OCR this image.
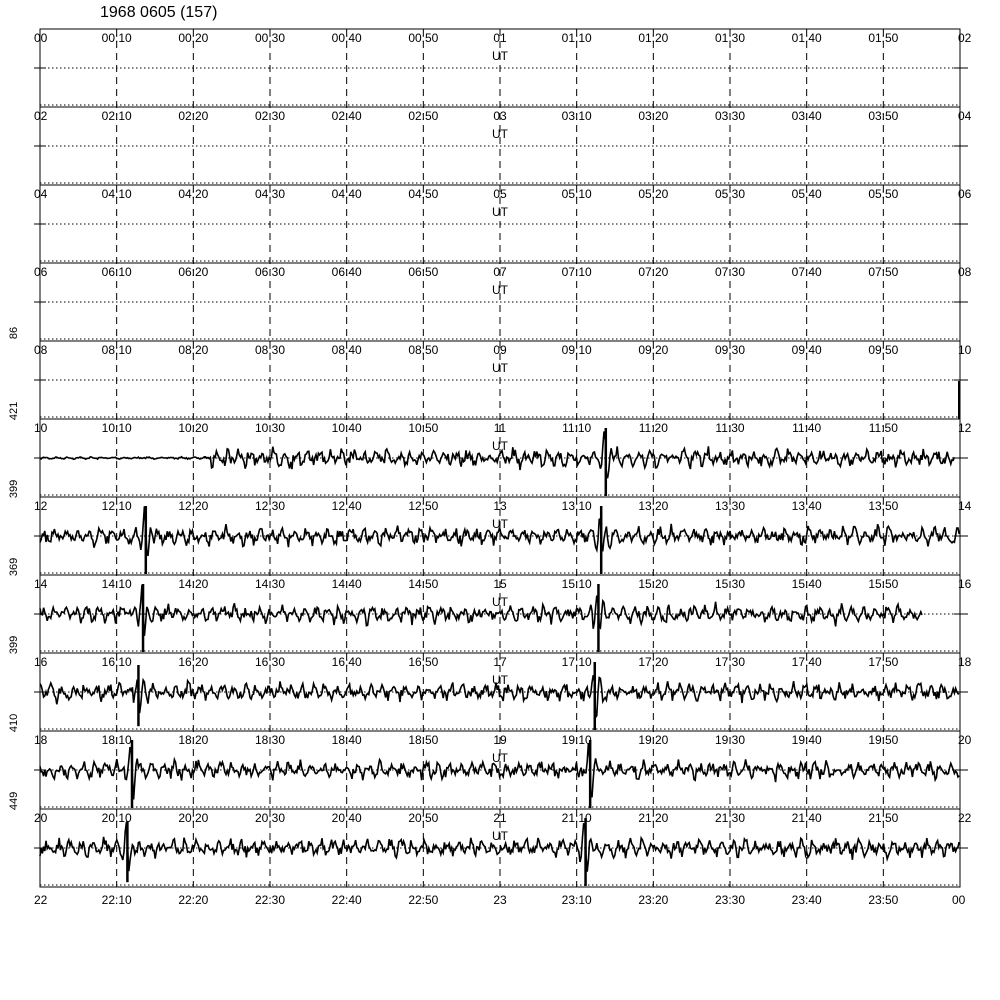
1968 0605 (157)
00	00:10	00:20	00:30	00:40	00:50	01	01:10	01:20	01:30	01:40	01:50	02
UT
02	02:10	02:20	02:30	02:40	02:50	03	03:10	03:20	03:30	03:40	03:50	04
UT
04	04:10	04:20	04:30	04:40	04:50	05	05:10	05:20	05:30	05:40	05:50	06
UT
06	06:10	06:20	06:30	06:40	06:50	07	07:10	07:20	07:30	07:40	07:50	08
UT
08	08:10	08:20	08:30	08:40	08:50	09	09:10	09:20	09:30	09:40	09:50	10
UT
86
10	10:10	10:20	10:30	10:40	10:50	11	11:10	11:20	11:30	11:40	11:50	12
UT
421
12	12:10	12:20	12:30	12:40	12:50	13	13:10	13:20	13:30	13:40	13:50	14
UT
399
14	14:10	14:20	14:30	14:40	14:50	15	15:10	15:20	15:30	15:40	15:50	16
UT
369
16	16:10	16:20	16:30	16:40	16:50	17	17:10	17:20	17:30	17:40	17:50	18
UT
399
18	18:10	18:20	18:30	18:40	18:50	19	19:10	19:20	19:30	19:40	19:50	20
UT
410
20	20:10	20:20	20:30	20:40	20:50	21	21:10	21:20	21:30	21:40	21:50	22
UT
449
22	22:10	22:20	22:30	22:40	22:50	23	23:10	23:20	23:30	23:40	23:50	00
